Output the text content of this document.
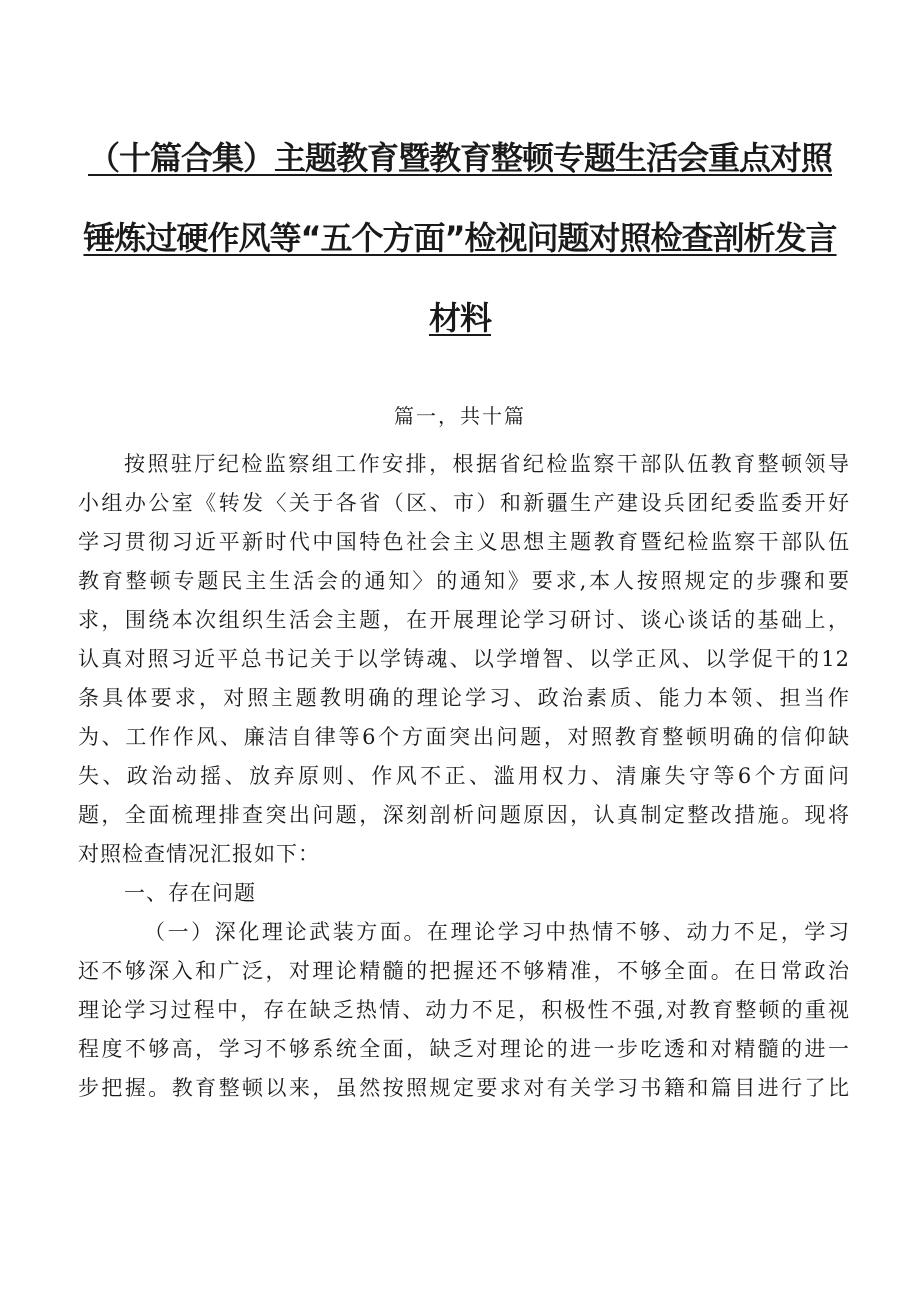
（十篇合集）主题教育暨教育整顿专题生活会重点对照
锤炼过硬作风等“五个方面”检视问题对照检查剖析发言
材料
篇一，共十篇
按照驻厅纪检监察组工作安排，根据省纪检监察干部队伍教育整顿领导
小组办公室《转发〈关于各省（区、市）和新疆生产建设兵团纪委监委开好
学习贯彻习近平新时代中国特色社会主义思想主题教育暨纪检监察干部队伍
教育整顿专题民主生活会的通知〉的通知》要求,本人按照规定的步骤和要
求，围绕本次组织生活会主题，在开展理论学习研讨、谈心谈话的基础上，
认真对照习近平总书记关于以学铸魂、以学增智、以学正风、以学促干的12
条具体要求，对照主题教明确的理论学习、政治素质、能力本领、担当作
为、工作作风、廉洁自律等6个方面突出问题，对照教育整顿明确的信仰缺
失、政治动摇、放弃原则、作风不正、滥用权力、清廉失守等6个方面问
题，全面梳理排查突出问题，深刻剖析问题原因，认真制定整改措施。现将
对照检查情况汇报如下：
一、存在问题
（一）深化理论武装方面。在理论学习中热情不够、动力不足，学习
还不够深入和广泛，对理论精髓的把握还不够精准，不够全面。在日常政治
理论学习过程中，存在缺乏热情、动力不足，积极性不强,对教育整顿的重视
程度不够高，学习不够系统全面，缺乏对理论的进一步吃透和对精髓的进一
步把握。教育整顿以来，虽然按照规定要求对有关学习书籍和篇目进行了比
